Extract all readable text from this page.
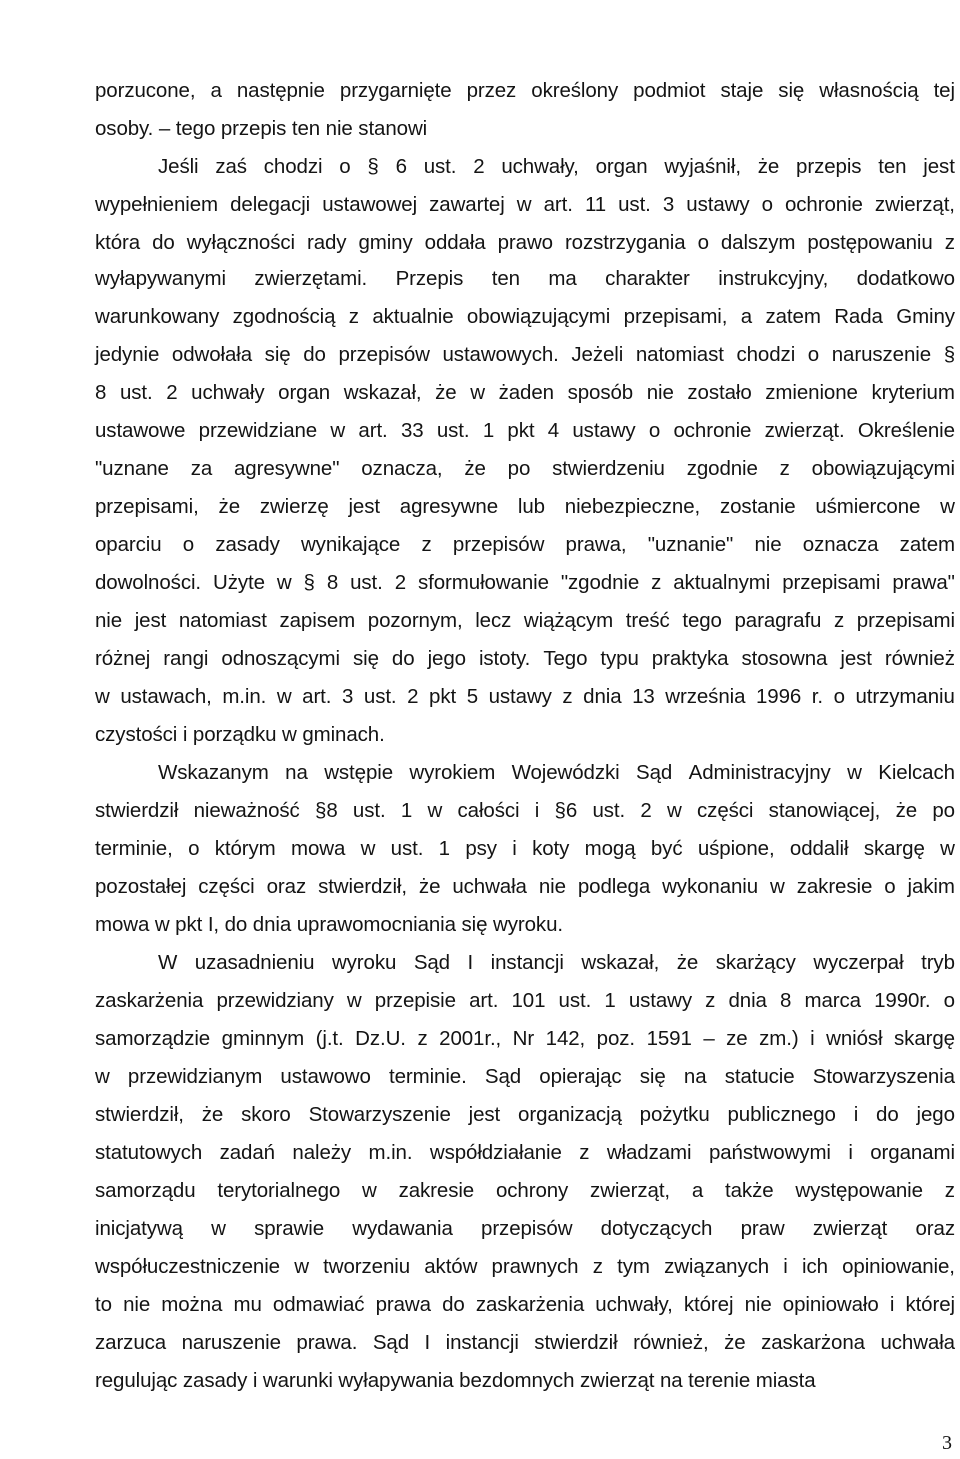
porzucone, a następnie przygarnięte przez określony podmiot staje się własnością tej
osoby. – tego przepis ten nie stanowi
Jeśli zaś chodzi o § 6 ust. 2 uchwały, organ wyjaśnił, że przepis ten jest
wypełnieniem delegacji ustawowej zawartej w art. 11 ust. 3 ustawy o ochronie zwierząt,
która do wyłączności rady gminy oddała prawo rozstrzygania o dalszym postępowaniu z
wyłapywanymi zwierzętami. Przepis ten ma charakter instrukcyjny, dodatkowo
warunkowany zgodnością z aktualnie obowiązującymi przepisami, a zatem Rada Gminy
jedynie odwołała się do przepisów ustawowych. Jeżeli natomiast chodzi o naruszenie §
8 ust. 2 uchwały organ wskazał, że w żaden sposób nie zostało zmienione kryterium
ustawowe przewidziane w art. 33 ust. 1 pkt 4 ustawy o ochronie zwierząt. Określenie
"uznane za agresywne" oznacza, że po stwierdzeniu zgodnie z obowiązującymi
przepisami, że zwierzę jest agresywne lub niebezpieczne, zostanie uśmiercone w
oparciu o zasady wynikające z przepisów prawa, "uznanie" nie oznacza zatem
dowolności. Użyte w § 8 ust. 2 sformułowanie "zgodnie z aktualnymi przepisami prawa"
nie jest natomiast zapisem pozornym, lecz wiążącym treść tego paragrafu z przepisami
różnej rangi odnoszącymi się do jego istoty. Tego typu praktyka stosowna jest również
w ustawach, m.in. w art. 3 ust. 2 pkt 5 ustawy z dnia 13 września 1996 r. o utrzymaniu
czystości i porządku w gminach.
Wskazanym na wstępie wyrokiem Wojewódzki Sąd Administracyjny w Kielcach
stwierdził nieważność §8 ust. 1 w całości i §6 ust. 2 w części stanowiącej, że po
terminie, o którym mowa w ust. 1 psy i koty mogą być uśpione, oddalił skargę w
pozostałej części oraz stwierdził, że uchwała nie podlega wykonaniu w zakresie o jakim
mowa w pkt I, do dnia uprawomocniania się wyroku.
W uzasadnieniu wyroku Sąd I instancji wskazał, że skarżący wyczerpał tryb
zaskarżenia przewidziany w przepisie art. 101 ust. 1 ustawy z dnia 8 marca 1990r. o
samorządzie gminnym (j.t. Dz.U. z 2001r., Nr 142, poz. 1591 – ze zm.) i wniósł skargę
w przewidzianym ustawowo terminie. Sąd opierając się na statucie Stowarzyszenia
stwierdził, że skoro Stowarzyszenie jest organizacją pożytku publicznego i do jego
statutowych zadań należy m.in. współdziałanie z władzami państwowymi i organami
samorządu terytorialnego w zakresie ochrony zwierząt, a także występowanie z
inicjatywą w sprawie wydawania przepisów dotyczących praw zwierząt oraz
współuczestniczenie w tworzeniu aktów prawnych z tym związanych i ich opiniowanie,
to nie można mu odmawiać prawa do zaskarżenia uchwały, której nie opiniowało i której
zarzuca naruszenie prawa. Sąd I instancji stwierdził również, że zaskarżona uchwała
regulując zasady i warunki wyłapywania bezdomnych zwierząt na terenie miasta
3
